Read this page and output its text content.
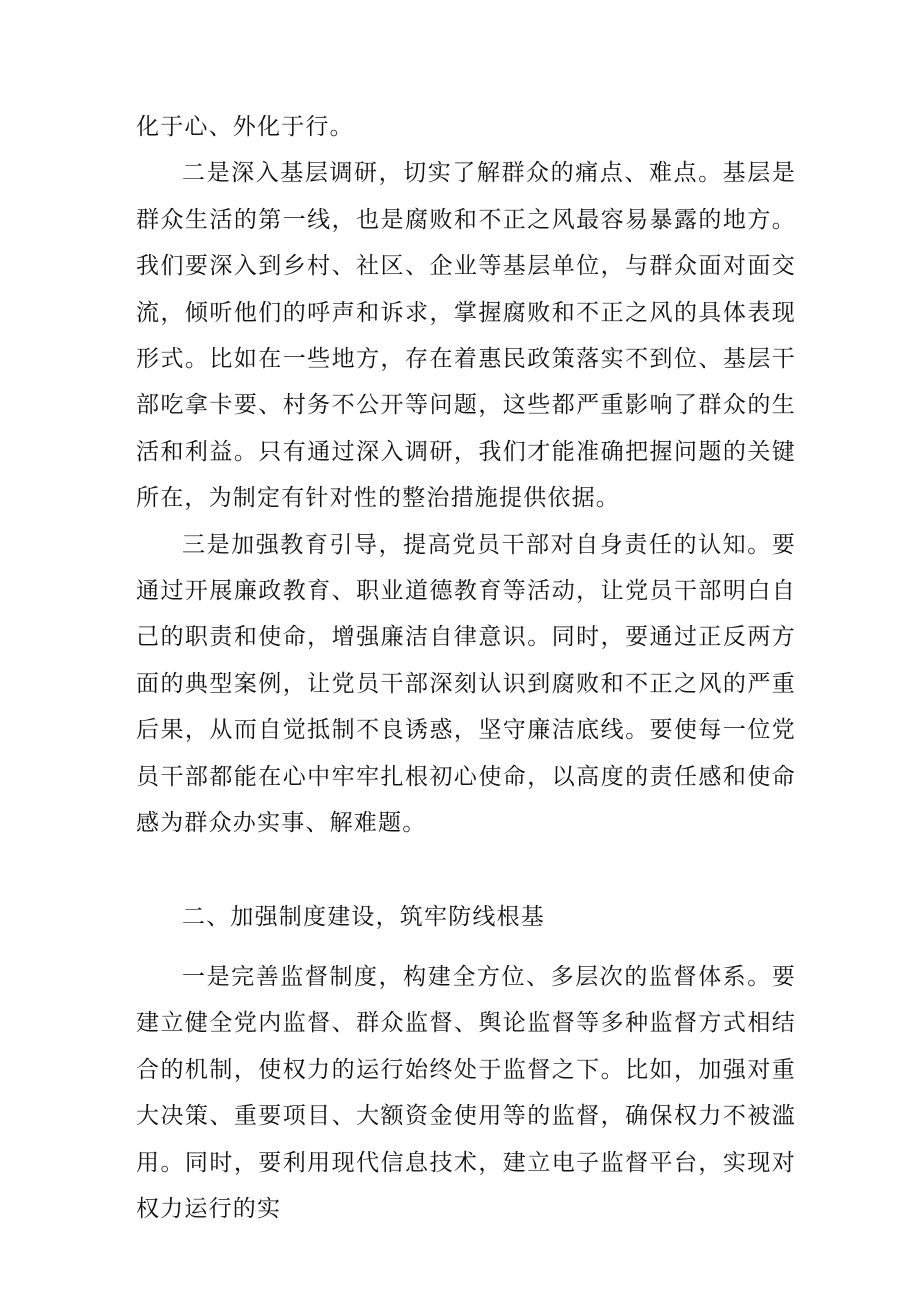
化于心、外化于行。

二是深入基层调研，切实了解群众的痛点、难点。基层是群众生活的第一线，也是腐败和不正之风最容易暴露的地方。我们要深入到乡村、社区、企业等基层单位，与群众面对面交流，倾听他们的呼声和诉求，掌握腐败和不正之风的具体表现形式。比如在一些地方，存在着惠民政策落实不到位、基层干部吃拿卡要、村务不公开等问题，这些都严重影响了群众的生活和利益。只有通过深入调研，我们才能准确把握问题的关键所在，为制定有针对性的整治措施提供依据。

三是加强教育引导，提高党员干部对自身责任的认知。要通过开展廉政教育、职业道德教育等活动，让党员干部明白自己的职责和使命，增强廉洁自律意识。同时，要通过正反两方面的典型案例，让党员干部深刻认识到腐败和不正之风的严重后果，从而自觉抵制不良诱惑，坚守廉洁底线。要使每一位党员干部都能在心中牢牢扎根初心使命，以高度的责任感和使命感为群众办实事、解难题。

二、加强制度建设，筑牢防线根基

一是完善监督制度，构建全方位、多层次的监督体系。要建立健全党内监督、群众监督、舆论监督等多种监督方式相结合的机制，使权力的运行始终处于监督之下。比如，加强对重大决策、重要项目、大额资金使用等的监督，确保权力不被滥用。同时，要利用现代信息技术，建立电子监督平台，实现对权力运行的实
